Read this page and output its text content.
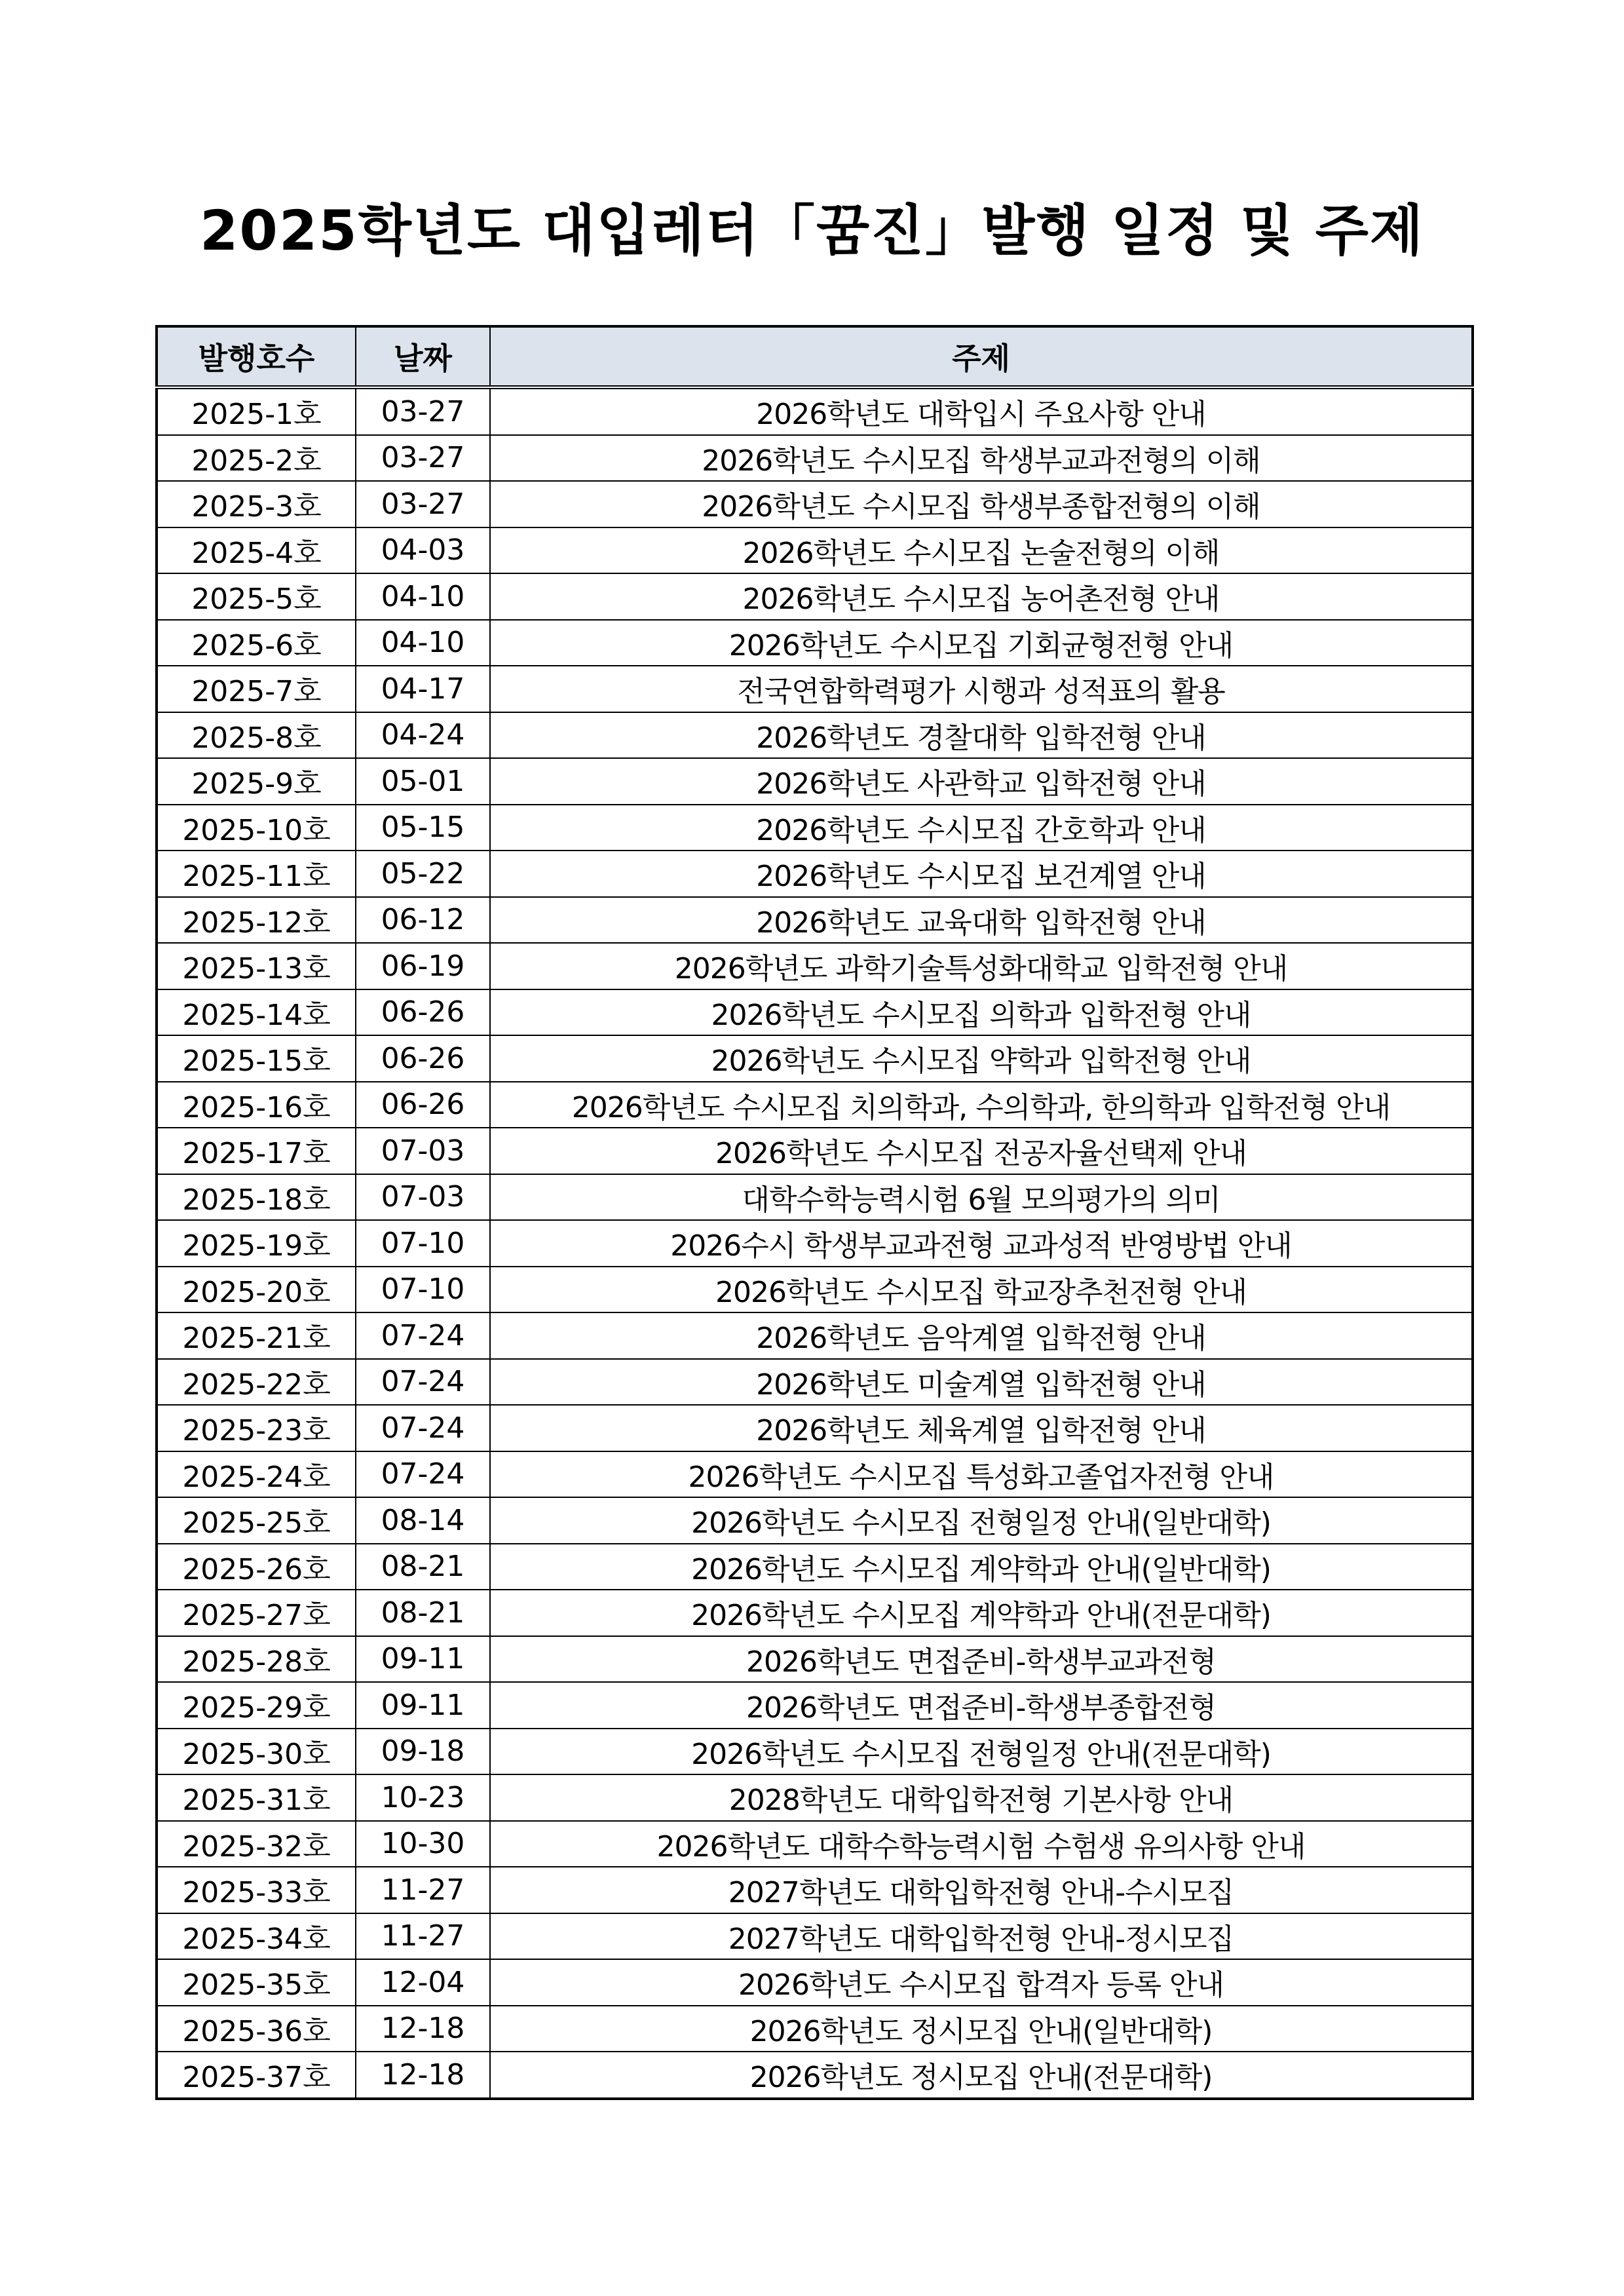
2025학년도 대입레터「꿈진」발행 일정 및 주제
발행호수	날짜	주제
2025-1호	03-27	2026학년도 대학입시 주요사항 안내
2025-2호	03-27	2026학년도 수시모집 학생부교과전형의 이해
2025-3호	03-27	2026학년도 수시모집 학생부종합전형의 이해
2025-4호	04-03	2026학년도 수시모집 논술전형의 이해
2025-5호	04-10	2026학년도 수시모집 농어촌전형 안내
2025-6호	04-10	2026학년도 수시모집 기회균형전형 안내
2025-7호	04-17	전국연합학력평가 시행과 성적표의 활용
2025-8호	04-24	2026학년도 경찰대학 입학전형 안내
2025-9호	05-01	2026학년도 사관학교 입학전형 안내
2025-10호	05-15	2026학년도 수시모집 간호학과 안내
2025-11호	05-22	2026학년도 수시모집 보건계열 안내
2025-12호	06-12	2026학년도 교육대학 입학전형 안내
2025-13호	06-19	2026학년도 과학기술특성화대학교 입학전형 안내
2025-14호	06-26	2026학년도 수시모집 의학과 입학전형 안내
2025-15호	06-26	2026학년도 수시모집 약학과 입학전형 안내
2025-16호	06-26	2026학년도 수시모집 치의학과, 수의학과, 한의학과 입학전형 안내
2025-17호	07-03	2026학년도 수시모집 전공자율선택제 안내
2025-18호	07-03	대학수학능력시험 6월 모의평가의 의미
2025-19호	07-10	2026수시 학생부교과전형 교과성적 반영방법 안내
2025-20호	07-10	2026학년도 수시모집 학교장추천전형 안내
2025-21호	07-24	2026학년도 음악계열 입학전형 안내
2025-22호	07-24	2026학년도 미술계열 입학전형 안내
2025-23호	07-24	2026학년도 체육계열 입학전형 안내
2025-24호	07-24	2026학년도 수시모집 특성화고졸업자전형 안내
2025-25호	08-14	2026학년도 수시모집 전형일정 안내(일반대학)
2025-26호	08-21	2026학년도 수시모집 계약학과 안내(일반대학)
2025-27호	08-21	2026학년도 수시모집 계약학과 안내(전문대학)
2025-28호	09-11	2026학년도 면접준비-학생부교과전형
2025-29호	09-11	2026학년도 면접준비-학생부종합전형
2025-30호	09-18	2026학년도 수시모집 전형일정 안내(전문대학)
2025-31호	10-23	2028학년도 대학입학전형 기본사항 안내
2025-32호	10-30	2026학년도 대학수학능력시험 수험생 유의사항 안내
2025-33호	11-27	2027학년도 대학입학전형 안내-수시모집
2025-34호	11-27	2027학년도 대학입학전형 안내-정시모집
2025-35호	12-04	2026학년도 수시모집 합격자 등록 안내
2025-36호	12-18	2026학년도 정시모집 안내(일반대학)
2025-37호	12-18	2026학년도 정시모집 안내(전문대학)
